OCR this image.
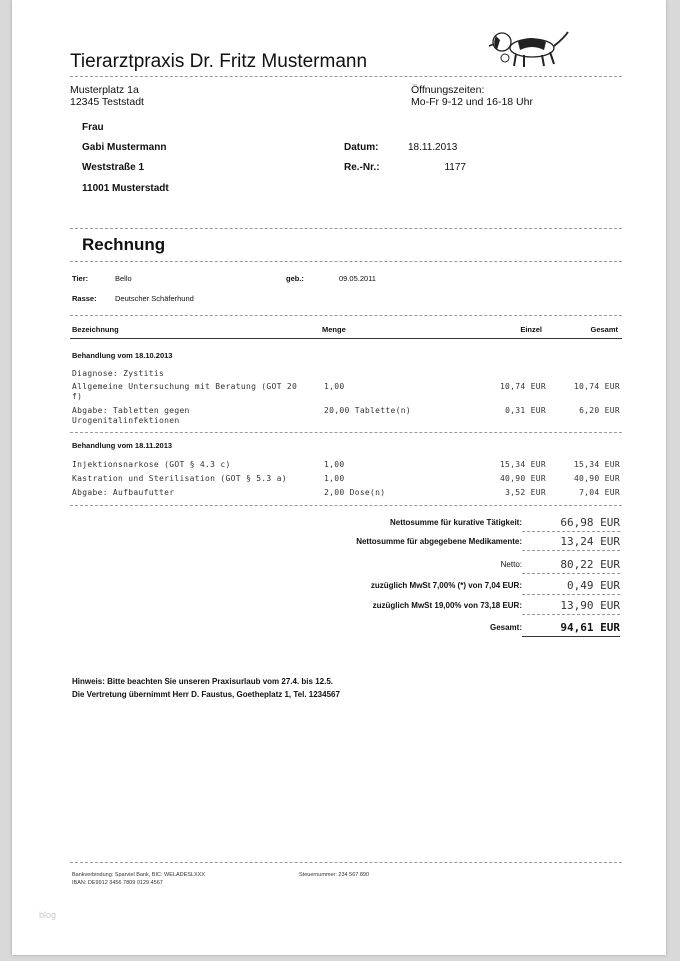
Tierarztpraxis Dr. Fritz Mustermann
Musterplatz 1a
12345 Teststadt
Öffnungszeiten:
Mo-Fr 9-12 und 16-18 Uhr
Frau
Gabi Mustermann
Weststraße 1
11001 Musterstadt
Datum:	18.11.2013
Re.-Nr.:	1177
Rechnung
Tier:	Bello	geb.:	09.05.2011
Rasse: Deutscher Schäferhund
Bezeichnung	Menge	Einzel	Gesamt
Behandlung vom 18.10.2013
Diagnose: Zystitis
Allgemeine Untersuchung mit Beratung (GOT 20 f)
1,00	10,74 EUR	10,74 EUR
Abgabe: Tabletten gegen Urogenitalinfektionen
20,00 Tablette(n)	0,31 EUR	6,20 EUR
Behandlung vom 18.11.2013
Injektionsnarkose (GOT § 4.3 c)	1,00	15,34 EUR	15,34 EUR
Kastration und Sterilisation (GOT § 5.3 a)	1,00	40,90 EUR	40,90 EUR
Abgabe: Aufbaufutter	2,00 Dose(n)	3,52 EUR	7,04 EUR
Nettosumme für kurative Tätigkeit:	66,98 EUR
Nettosumme für abgegebene Medikamente:	13,24 EUR
Netto:	80,22 EUR
zuzüglich MwSt 7,00% (*) von 7,04 EUR:	0,49 EUR
zuzüglich MwSt 19,00% von 73,18 EUR:	13,90 EUR
Gesamt:	94,61 EUR
Hinweis: Bitte beachten Sie unseren Praxisurlaub vom 27.4. bis 12.5.
Die Vertretung übernimmt Herr D. Faustus, Goetheplatz 1, Tel. 1234567
Bankverbindung: Sparviel Bank, BIC: WELADESLXXX
IBAN: DE9912 3456 7809 0129 4567
Steuernummer: 234 567 890
blog
